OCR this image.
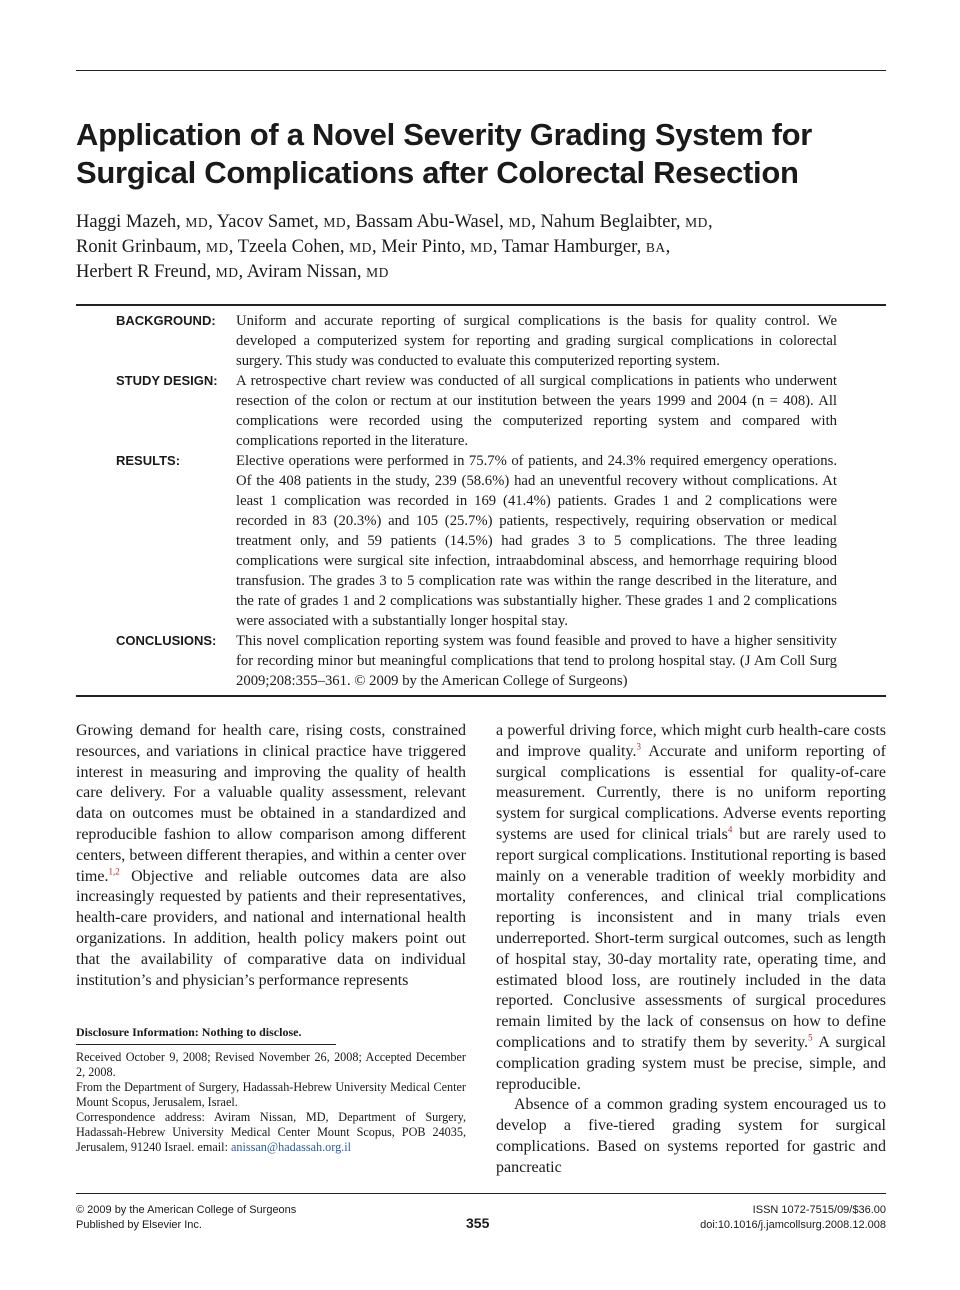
Application of a Novel Severity Grading System for
Surgical Complications after Colorectal Resection
Haggi Mazeh, MD, Yacov Samet, MD, Bassam Abu-Wasel, MD, Nahum Beglaibter, MD,
Ronit Grinbaum, MD, Tzeela Cohen, MD, Meir Pinto, MD, Tamar Hamburger, BA,
Herbert R Freund, MD, Aviram Nissan, MD
BACKGROUND:	Uniform and accurate reporting of surgical complications is the basis for quality control. We developed a computerized system for reporting and grading surgical complications in colorectal surgery. This study was conducted to evaluate this computerized reporting system.
STUDY DESIGN:	A retrospective chart review was conducted of all surgical complications in patients who underwent resection of the colon or rectum at our institution between the years 1999 and 2004 (n = 408). All complications were recorded using the computerized reporting system and compared with complications reported in the literature.
RESULTS:	Elective operations were performed in 75.7% of patients, and 24.3% required emergency operations. Of the 408 patients in the study, 239 (58.6%) had an uneventful recovery without complications. At least 1 complication was recorded in 169 (41.4%) patients. Grades 1 and 2 complications were recorded in 83 (20.3%) and 105 (25.7%) patients, respectively, requiring observation or medical treatment only, and 59 patients (14.5%) had grades 3 to 5 complications. The three leading complications were surgical site infection, intraabdominal abscess, and hemorrhage requiring blood transfusion. The grades 3 to 5 complication rate was within the range described in the literature, and the rate of grades 1 and 2 complications was substantially higher. These grades 1 and 2 complications were associated with a substantially longer hospital stay.
CONCLUSIONS:	This novel complication reporting system was found feasible and proved to have a higher sensitivity for recording minor but meaningful complications that tend to prolong hospital stay. (J Am Coll Surg 2009;208:355–361. © 2009 by the American College of Surgeons)

Growing demand for health care, rising costs, constrained resources, and variations in clinical practice have triggered interest in measuring and improving the quality of health care delivery. For a valuable quality assessment, relevant data on outcomes must be obtained in a standardized and reproducible fashion to allow comparison among different centers, between different therapies, and within a center over time.$^{1,2}$ Objective and reliable outcomes data are also increasingly requested by patients and their representatives, health-care providers, and national and international health organizations. In addition, health policy makers point out that the availability of comparative data on individual institution’s and physician’s performance represents

a powerful driving force, which might curb health-care costs and improve quality.$^3$ Accurate and uniform reporting of surgical complications is essential for quality-of-care measurement. Currently, there is no uniform reporting system for surgical complications. Adverse events reporting systems are used for clinical trials$^4$ but are rarely used to report surgical complications. Institutional reporting is based mainly on a venerable tradition of weekly morbidity and mortality conferences, and clinical trial complications reporting is inconsistent and in many trials even underreported. Short-term surgical outcomes, such as length of hospital stay, 30-day mortality rate, operating time, and estimated blood loss, are routinely included in the data reported. Conclusive assessments of surgical procedures remain limited by the lack of consensus on how to define complications and to stratify them by severity.$^5$ A surgical complication grading system must be precise, simple, and reproducible.

Absence of a common grading system encouraged us to develop a five-tiered grading system for surgical complications. Based on systems reported for gastric and pancreatic

Disclosure Information: Nothing to disclose.

Received October 9, 2008; Revised November 26, 2008; Accepted December 2, 2008.

From the Department of Surgery, Hadassah-Hebrew University Medical Center Mount Scopus, Jerusalem, Israel.

Correspondence address: Aviram Nissan, MD, Department of Surgery, Hadassah-Hebrew University Medical Center Mount Scopus, POB 24035, Jerusalem, 91240 Israel. email: anissan@hadassah.org.il

© 2009 by the American College of Surgeons
Published by Elsevier Inc.	355
ISSN 1072-7515/09/$36.00
doi:10.1016/j.jamcollsurg.2008.12.008
